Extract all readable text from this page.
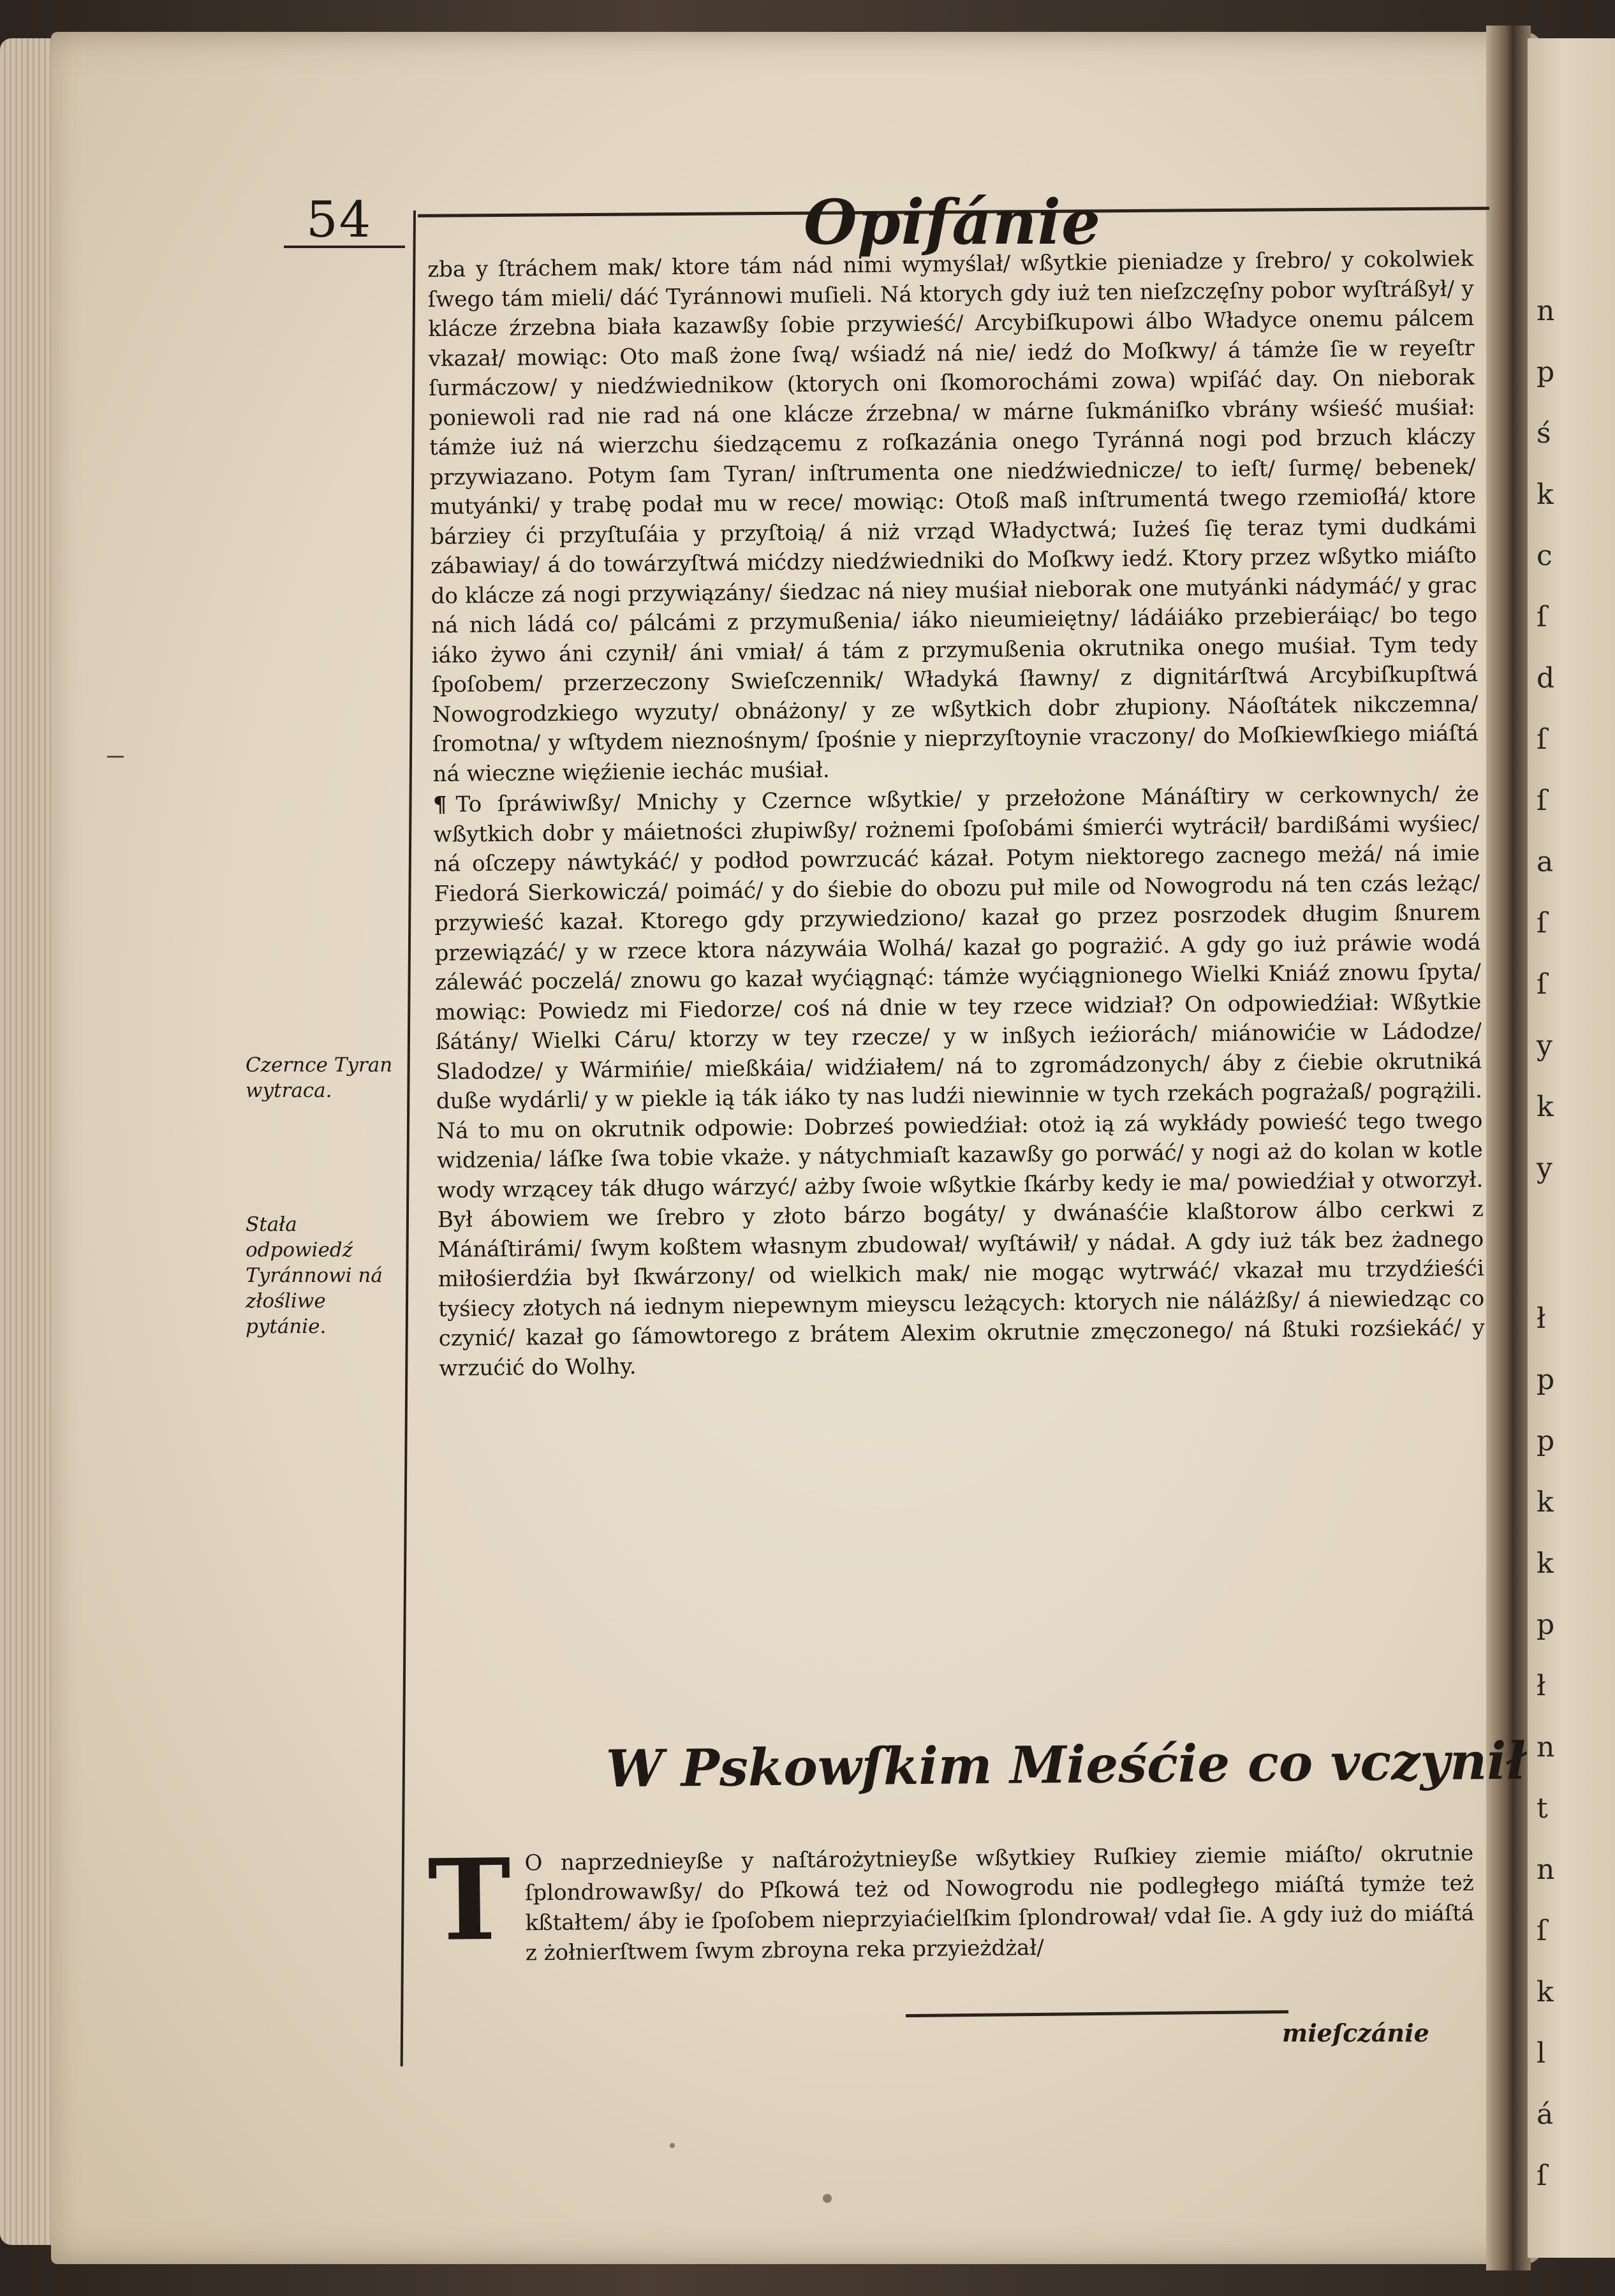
n
p
ś
k
c
ſ
d
ſ
ſ
a
ſ
ſ
y
k
y
ł
p
p
k
k
p
ł
n
t
n
ſ
k
l
á
ſ
54	Opiſánie
Czernce Tyran wytraca.
Stała odpowiedź Tyránnowi ná złośliwe pytánie.

zba y ſtráchem mak/ ktore tám nád nimi wymyślał/ wßytkie pieniadze y ſrebro/ y cokolwiek ſwego tám mieli/ dáć Tyránnowi muſieli. Ná ktorych gdy iuż ten nieſzczęſny pobor wyſtráßył/ y klácze źrzebna biała kazawßy ſobie przywieść/ Arcybiſkupowi álbo Władyce onemu pálcem vkazał/ mowiąc: Oto maß żone ſwą/ wśiadź ná nie/ iedź do Moſkwy/ á támże ſie w reyeſtr ſurmáczow/ y niedźwiednikow (ktorych oni ſkomorochámi zowa) wpiſáć day. On nieborak poniewoli rad nie rad ná one klácze źrzebna/ w márne ſukmániſko vbrány wśieść muśiał: támże iuż ná wierzchu śiedzącemu z roſkazánia onego Tyránná nogi pod brzuch kláczy przywiazano. Potym ſam Tyran/ inſtrumenta one niedźwiednicze/ to ieſt/ ſurmę/ bebenek/ mutyánki/ y trabę podał mu w rece/ mowiąc: Otoß maß inſtrumentá twego rzemioſłá/ ktore bárziey ći przyſtuſáia y przyſtoią/ á niż vrząd Władyctwá; Iużeś ſię teraz tymi dudkámi zábawiay/ á do towárzyſtwá mićdzy niedźwiedniki do Moſkwy iedź. Ktory przez wßytko miáſto do klácze zá nogi przywiązány/ śiedzac ná niey muśiał nieborak one mutyánki nádymáć/ y grac ná nich ládá co/ pálcámi z przymußenia/ iáko nieumieiętny/ ládáiáko przebieráiąc/ bo tego iáko żywo áni czynił/ áni vmiał/ á tám z przymußenia okrutnika onego muśiał. Tym tedy ſpoſobem/ przerzeczony Swieſczennik/ Władyká ſławny/ z dignitárſtwá Arcybiſkupſtwá Nowogrodzkiego wyzuty/ obnáżony/ y ze wßytkich dobr złupiony. Náoſtátek nikczemna/ ſromotna/ y wſtydem nieznośnym/ ſpośnie y nieprzyſtoynie vraczony/ do Moſkiewſkiego miáſtá ná wieczne więźienie iechác muśiał.

¶ To ſpráwiwßy/ Mnichy y Czernce wßytkie/ y przełożone Mánáſtiry w cerkownych/ że wßytkich dobr y máietności złupiwßy/ rożnemi ſpoſobámi śmierći wytrácił/ bardißámi wyśiec/ ná oſczepy náwtykáć/ y podłod powrzucáć kázał. Potym niektorego zacnego meżá/ ná imie Fiedorá Sierkowiczá/ poimáć/ y do śiebie do obozu puł mile od Nowogrodu ná ten czás leżąc/ przywieść kazał. Ktorego gdy przywiedziono/ kazał go przez posrzodek długim ßnurem przewiązáć/ y w rzece ktora názywáia Wolhá/ kazał go pograżić. A gdy go iuż práwie wodá zálewáć poczelá/ znowu go kazał wyćiągnąć: támże wyćiągnionego Wielki Kniáź znowu ſpyta/ mowiąc: Powiedz mi Fiedorze/ coś ná dnie w tey rzece widział? On odpowiedźiał: Wßytkie ßátány/ Wielki Cáru/ ktorzy w tey rzecze/ y w inßych ieźiorách/ miánowićie w Ládodze/ Sladodze/ y Wármińie/ mießkáia/ widźiałem/ ná to zgromádzonych/ áby z ćiebie okrutniká duße wydárli/ y w piekle ią ták iáko ty nas ludźi niewinnie w tych rzekách pograżaß/ pogrążili. Ná to mu on okrutnik odpowie: Dobrześ powiedźiał: otoż ią zá wykłády powieść tego twego widzenia/ láſke ſwa tobie vkaże. y nátychmiaſt kazawßy go porwáć/ y nogi aż do kolan w kotle wody wrzącey ták długo wárzyć/ ażby ſwoie wßytkie ſkárby kedy ie ma/ powiedźiał y otworzył. Był ábowiem we ſrebro y złoto bárzo bogáty/ y dwánaśćie klaßtorow álbo cerkwi z Mánáſtirámi/ ſwym koßtem własnym zbudował/ wyſtáwił/ y nádał. A gdy iuż ták bez żadnego miłośierdźia był ſkwárzony/ od wielkich mak/ nie mogąc wytrwáć/ vkazał mu trzydźieśći tyśiecy złotych ná iednym niepewnym mieyscu leżących: ktorych nie náláżßy/ á niewiedząc co czynić/ kazał go ſámowtorego z brátem Alexim okrutnie zmęczonego/ ná ßtuki rozśiekáć/ y wrzućić do Wolhy.

W Pskowſkim Mieśćie co vczynił
T O naprzednieyße y naſtárożytnieyße wßytkiey Ruſkiey ziemie miáſto/ okrutnie ſplondrowawßy/ do Pſkowá też od Nowogrodu nie podległego miáſtá tymże też kßtałtem/ áby ie ſpoſobem nieprzyiaćielſkim ſplondrował/ vdał ſie. A gdy iuż do miáſtá z żołnierſtwem ſwym zbroyna reka przyieżdżał/
mieſczánie
